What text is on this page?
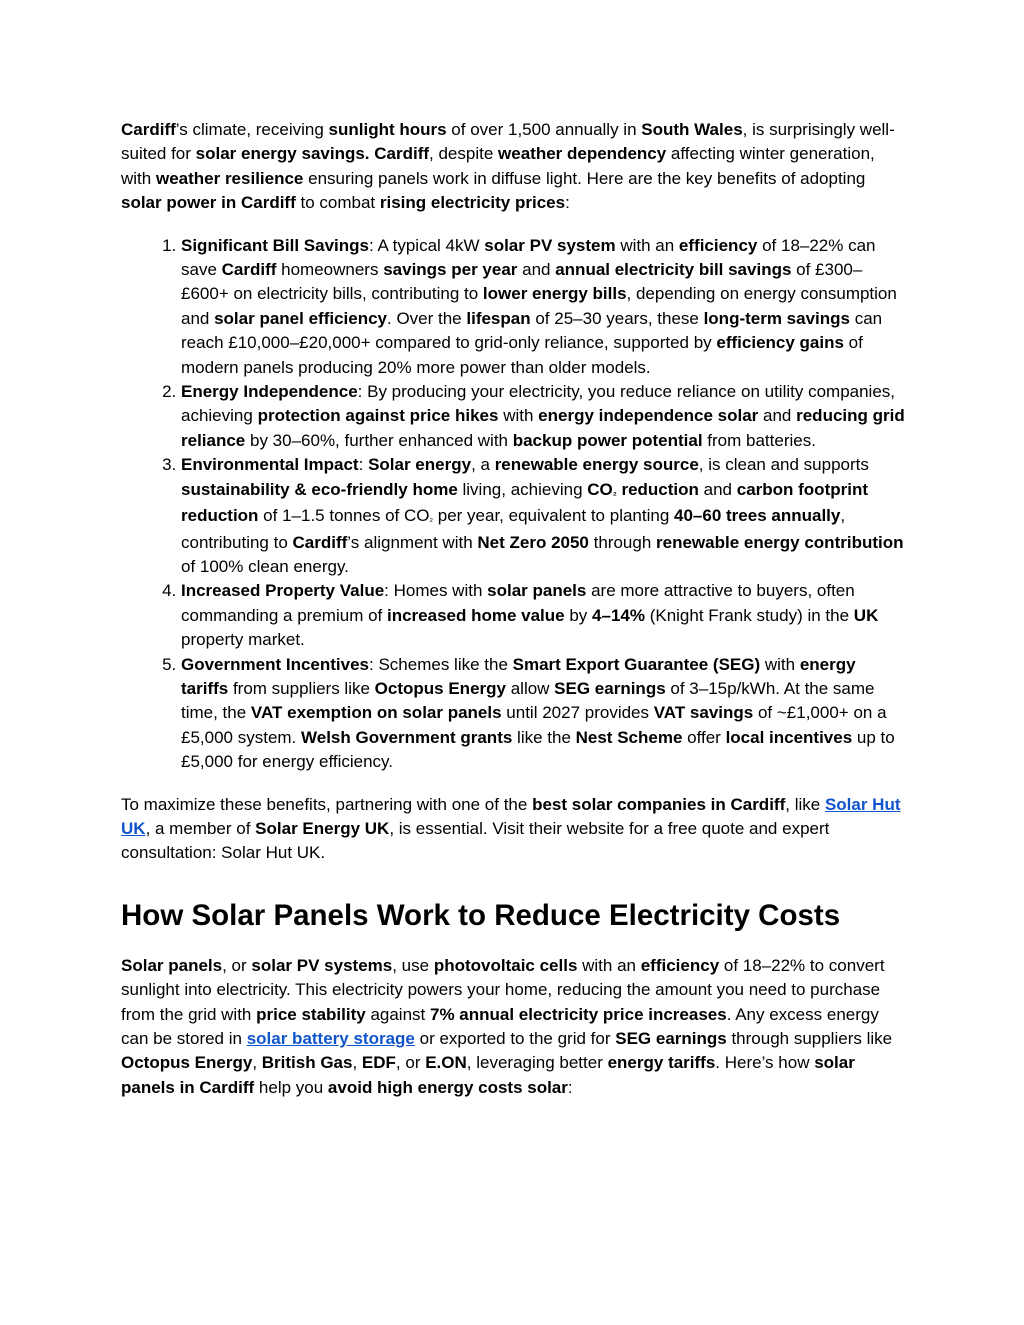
Cardiff’s climate, receiving sunlight hours of over 1,500 annually in South Wales, is surprisingly well-suited for solar energy savings. Cardiff, despite weather dependency affecting winter generation, with weather resilience ensuring panels work in diffuse light. Here are the key benefits of adopting solar power in Cardiff to combat rising electricity prices:

1. Significant Bill Savings: A typical 4kW solar PV system with an efficiency of 18–22% can save Cardiff homeowners savings per year and annual electricity bill savings of £300–£600+ on electricity bills, contributing to lower energy bills, depending on energy consumption and solar panel efficiency. Over the lifespan of 25–30 years, these long-term savings can reach £10,000–£20,000+ compared to grid-only reliance, supported by efficiency gains of modern panels producing 20% more power than older models.
2. Energy Independence: By producing your electricity, you reduce reliance on utility companies, achieving protection against price hikes with energy independence solar and reducing grid reliance by 30–60%, further enhanced with backup power potential from batteries.
3. Environmental Impact: Solar energy, a renewable energy source, is clean and supports sustainability & eco-friendly home living, achieving CO₂ reduction and carbon footprint reduction of 1–1.5 tonnes of CO₂ per year, equivalent to planting 40–60 trees annually, contributing to Cardiff’s alignment with Net Zero 2050 through renewable energy contribution of 100% clean energy.
4. Increased Property Value: Homes with solar panels are more attractive to buyers, often commanding a premium of increased home value by 4–14% (Knight Frank study) in the UK property market.
5. Government Incentives: Schemes like the Smart Export Guarantee (SEG) with energy tariffs from suppliers like Octopus Energy allow SEG earnings of 3–15p/kWh. At the same time, the VAT exemption on solar panels until 2027 provides VAT savings of ~£1,000+ on a £5,000 system. Welsh Government grants like the Nest Scheme offer local incentives up to £5,000 for energy efficiency.

To maximize these benefits, partnering with one of the best solar companies in Cardiff, like Solar Hut UK, a member of Solar Energy UK, is essential. Visit their website for a free quote and expert consultation: Solar Hut UK.

How Solar Panels Work to Reduce Electricity Costs

Solar panels, or solar PV systems, use photovoltaic cells with an efficiency of 18–22% to convert sunlight into electricity. This electricity powers your home, reducing the amount you need to purchase from the grid with price stability against 7% annual electricity price increases. Any excess energy can be stored in solar battery storage or exported to the grid for SEG earnings through suppliers like Octopus Energy, British Gas, EDF, or E.ON, leveraging better energy tariffs. Here’s how solar panels in Cardiff help you avoid high energy costs solar:
